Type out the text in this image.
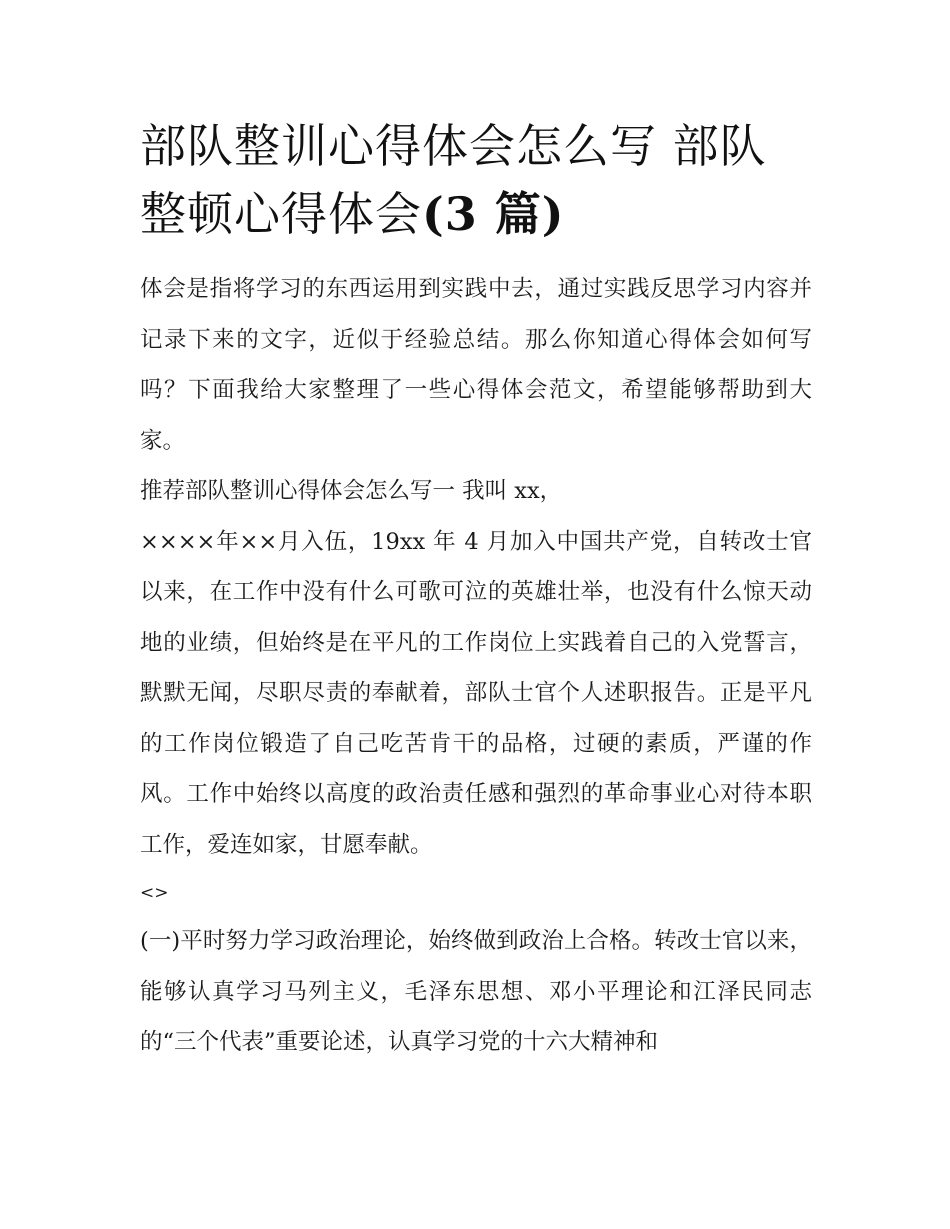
部队整训心得体会怎么写 部队整顿心得体会(3 篇)

体会是指将学习的东西运用到实践中去，通过实践反思学习内容并记录下来的文字，近似于经验总结。那么你知道心得体会如何写吗？下面我给大家整理了一些心得体会范文，希望能够帮助到大家。

推荐部队整训心得体会怎么写一 我叫 xx，

××××年××月入伍，19xx 年 4 月加入中国共产党，自转改士官以来，在工作中没有什么可歌可泣的英雄壮举，也没有什么惊天动地的业绩，但始终是在平凡的工作岗位上实践着自己的入党誓言，默默无闻，尽职尽责的奉献着，部队士官个人述职报告。正是平凡的工作岗位锻造了自己吃苦肯干的品格，过硬的素质，严谨的作风。工作中始终以高度的政治责任感和强烈的革命事业心对待本职工作，爱连如家，甘愿奉献。

<>

(一)平时努力学习政治理论，始终做到政治上合格。转改士官以来，能够认真学习马列主义，毛泽东思想、邓小平理论和江泽民同志的“三个代表”重要论述，认真学习党的十六大精神和
